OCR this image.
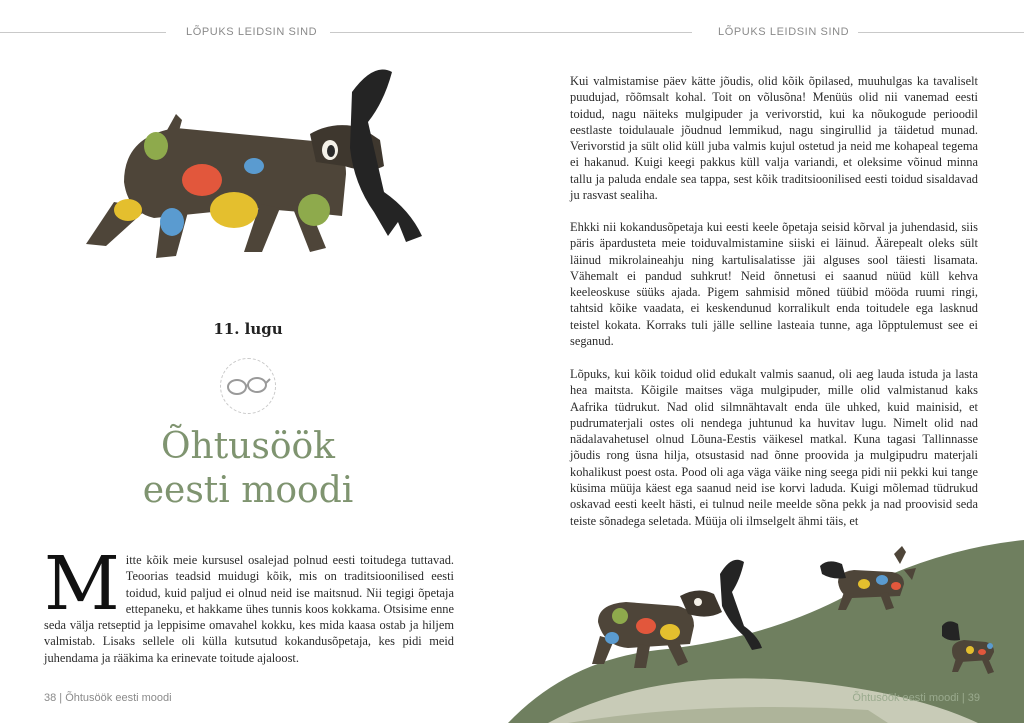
LÕPUKS LEIDSIN SIND	LÕPUKS LEIDSIN SIND
11. lugu
Õhtusöök
eesti moodi
Mitte kõik meie kursusel osalejad polnud eesti toitudega tuttavad. Teoorias teadsid muidugi kõik, mis on traditsioonilised eesti toidud, kuid paljud ei olnud neid ise maitsnud. Nii tegigi õpetaja ettepaneku, et hakkame ühes tunnis koos kokkama. Otsisime enne seda välja retseptid ja leppisime omavahel kokku, kes mida kaasa ostab ja hiljem valmistab. Lisaks sellele oli külla kutsutud kokandusõpetaja, kes pidi meid juhendama ja rääkima ka erinevate toitude ajaloost.
38 | Õhtusöök eesti moodi

Kui valmistamise päev kätte jõudis, olid kõik õpilased, muuhulgas ka tavaliselt puudujad, rõõmsalt kohal. Toit on võlusõna! Menüüs olid nii vanemad eesti toidud, nagu näiteks mulgipuder ja verivorstid, kui ka nõukogude perioodil eestlaste toidulauale jõudnud lemmikud, nagu singirullid ja täidetud munad. Verivorstid ja sült olid küll juba valmis kujul ostetud ja neid me kohapeal tegema ei hakanud. Kuigi keegi pakkus küll valja variandi, et oleksime võinud minna tallu ja paluda endale sea tappa, sest kõik traditsioonilised eesti toidud sisaldavad ju rasvast sealiha.

Ehkki nii kokandusõpetaja kui eesti keele õpetaja seisid kõrval ja juhendasid, siis päris äpardusteta meie toiduvalmistamine siiski ei läinud. Äärepealt oleks sült läinud mikrolaineahju ning kartulisalatisse jäi alguses sool täiesti lisamata. Vähemalt ei pandud suhkrut! Neid õnnetusi ei saanud nüüd küll kehva keeleoskuse süüks ajada. Pigem sahmisid mõned tüübid mööda ruumi ringi, tahtsid kõike vaadata, ei keskendunud korralikult enda toitudele ega lasknud teistel kokata. Korraks tuli jälle selline lasteaia tunne, aga lõpptulemust see ei seganud.

Lõpuks, kui kõik toidud olid edukalt valmis saanud, oli aeg lauda istuda ja lasta hea maitsta. Kõigile maitses väga mulgipuder, mille olid valmistanud kaks Aafrika tüdrukut. Nad olid silmnähtavalt enda üle uhked, kuid mainisid, et pudrumaterjali ostes oli nendega juhtunud ka huvitav lugu. Nimelt olid nad nädalavahetusel olnud Lõuna-Eestis väikesel matkal. Kuna tagasi Tallinnasse jõudis rong üsna hilja, otsustasid nad õnne proovida ja mulgipudru materjali kohalikust poest osta. Pood oli aga väga väike ning seega pidi nii pekki kui tange küsima müüja käest ega saanud neid ise korvi laduda. Kuigi mõlemad tüdrukud oskavad eesti keelt hästi, ei tulnud neile meelde sõna pekk ja nad proovisid seda teiste sõnadega seletada. Müüja oli ilmselgelt ähmi täis, et

Õhtusöök eesti moodi | 39
